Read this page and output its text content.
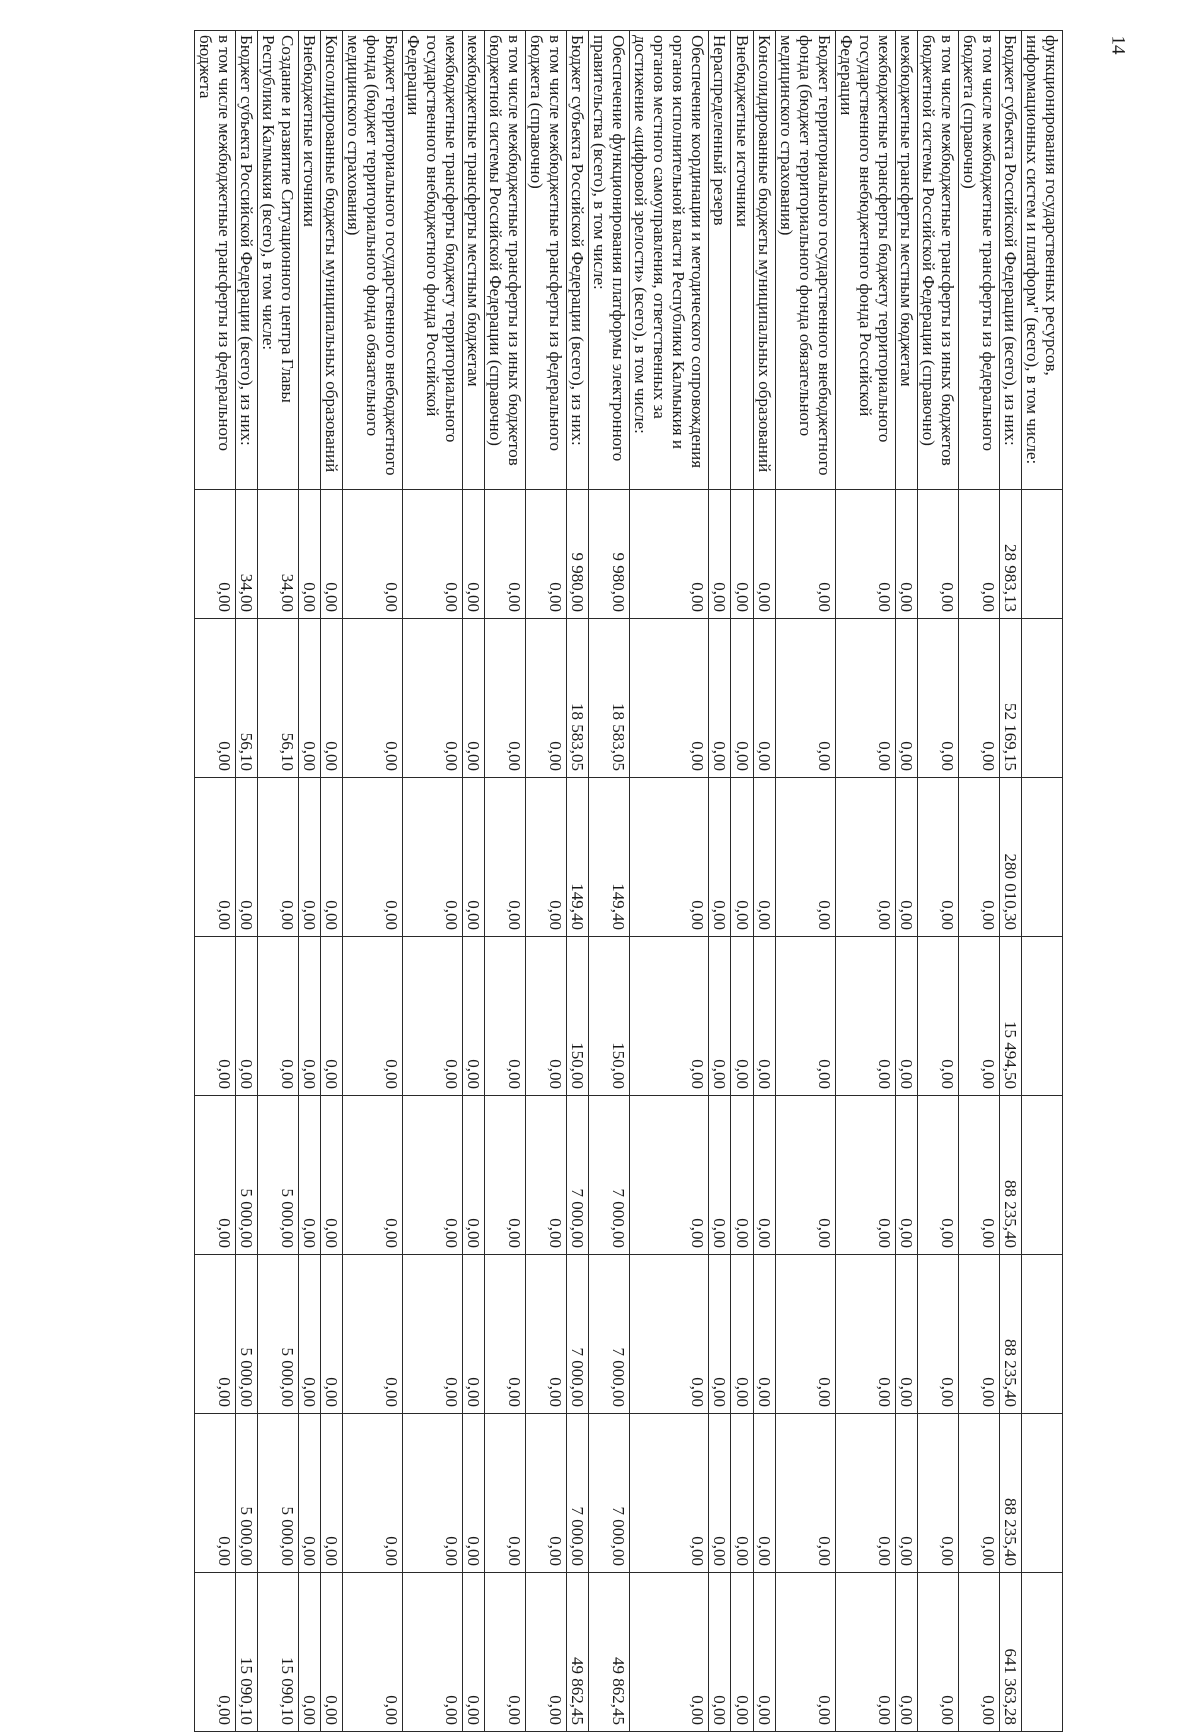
14
функционирования государственных ресурсов, информационных систем и платформ" (всего), в том числе:								
Бюджет субъекта Российской Федерации (всего), из них:	28 983,13	52 169,15	280 010,30	15 494,50	88 235,40	88 235,40	88 235,40	641 363,28
в том числе межбюджетные трансферты из федерального бюджета (справочно)	0,00	0,00	0,00	0,00	0,00	0,00	0,00	0,00
в том числе межбюджетные трансферты из иных бюджетов бюджетной системы Российской Федерации (справочно)	0,00	0,00	0,00	0,00	0,00	0,00	0,00	0,00
межбюджетные трансферты местным бюджетам	0,00	0,00	0,00	0,00	0,00	0,00	0,00	0,00
межбюджетные трансферты бюджету территориального государственного внебюджетного фонда Российской Федерации	0,00	0,00	0,00	0,00	0,00	0,00	0,00	0,00
Бюджет территориального государственного внебюджетного фонда (бюджет территориального фонда обязательного медицинского страхования)	0,00	0,00	0,00	0,00	0,00	0,00	0,00	0,00
Консолидированные бюджеты муниципальных образований	0,00	0,00	0,00	0,00	0,00	0,00	0,00	0,00
Внебюджетные источники	0,00	0,00	0,00	0,00	0,00	0,00	0,00	0,00
Нераспределенный резерв	0,00	0,00	0,00	0,00	0,00	0,00	0,00	0,00
Обеспечение координации и методического сопровождения органов исполнительной власти Республики Калмыкия и органов местного самоуправления, ответственных за достижение «цифровой зрелости» (всего), в том числе:	0,00	0,00	0,00	0,00	0,00	0,00	0,00	0,00
Обеспечение функционирования платформы электронного правительства (всего), в том числе:	9 980,00	18 583,05	149,40	150,00	7 000,00	7 000,00	7 000,00	49 862,45
Бюджет субъекта Российской Федерации (всего), из них:	9 980,00	18 583,05	149,40	150,00	7 000,00	7 000,00	7 000,00	49 862,45
в том числе межбюджетные трансферты из федерального бюджета (справочно)	0,00	0,00	0,00	0,00	0,00	0,00	0,00	0,00
в том числе межбюджетные трансферты из иных бюджетов бюджетной системы Российской Федерации (справочно)	0,00	0,00	0,00	0,00	0,00	0,00	0,00	0,00
межбюджетные трансферты местным бюджетам	0,00	0,00	0,00	0,00	0,00	0,00	0,00	0,00
межбюджетные трансферты бюджету территориального государственного внебюджетного фонда Российской Федерации	0,00	0,00	0,00	0,00	0,00	0,00	0,00	0,00
Бюджет территориального государственного внебюджетного фонда (бюджет территориального фонда обязательного медицинского страхования)	0,00	0,00	0,00	0,00	0,00	0,00	0,00	0,00
Консолидированные бюджеты муниципальных образований	0,00	0,00	0,00	0,00	0,00	0,00	0,00	0,00
Внебюджетные источники	0,00	0,00	0,00	0,00	0,00	0,00	0,00	0,00
Создание и развитие Ситуационного центра Главы Республики Калмыкия (всего), в том числе:	34,00	56,10	0,00	0,00	5 000,00	5 000,00	5 000,00	15 090,10
Бюджет субъекта Российской Федерации (всего), из них:	34,00	56,10	0,00	0,00	5 000,00	5 000,00	5 000,00	15 090,10
в том числе межбюджетные трансферты из федерального бюджета	0,00	0,00	0,00	0,00	0,00	0,00	0,00	0,00
